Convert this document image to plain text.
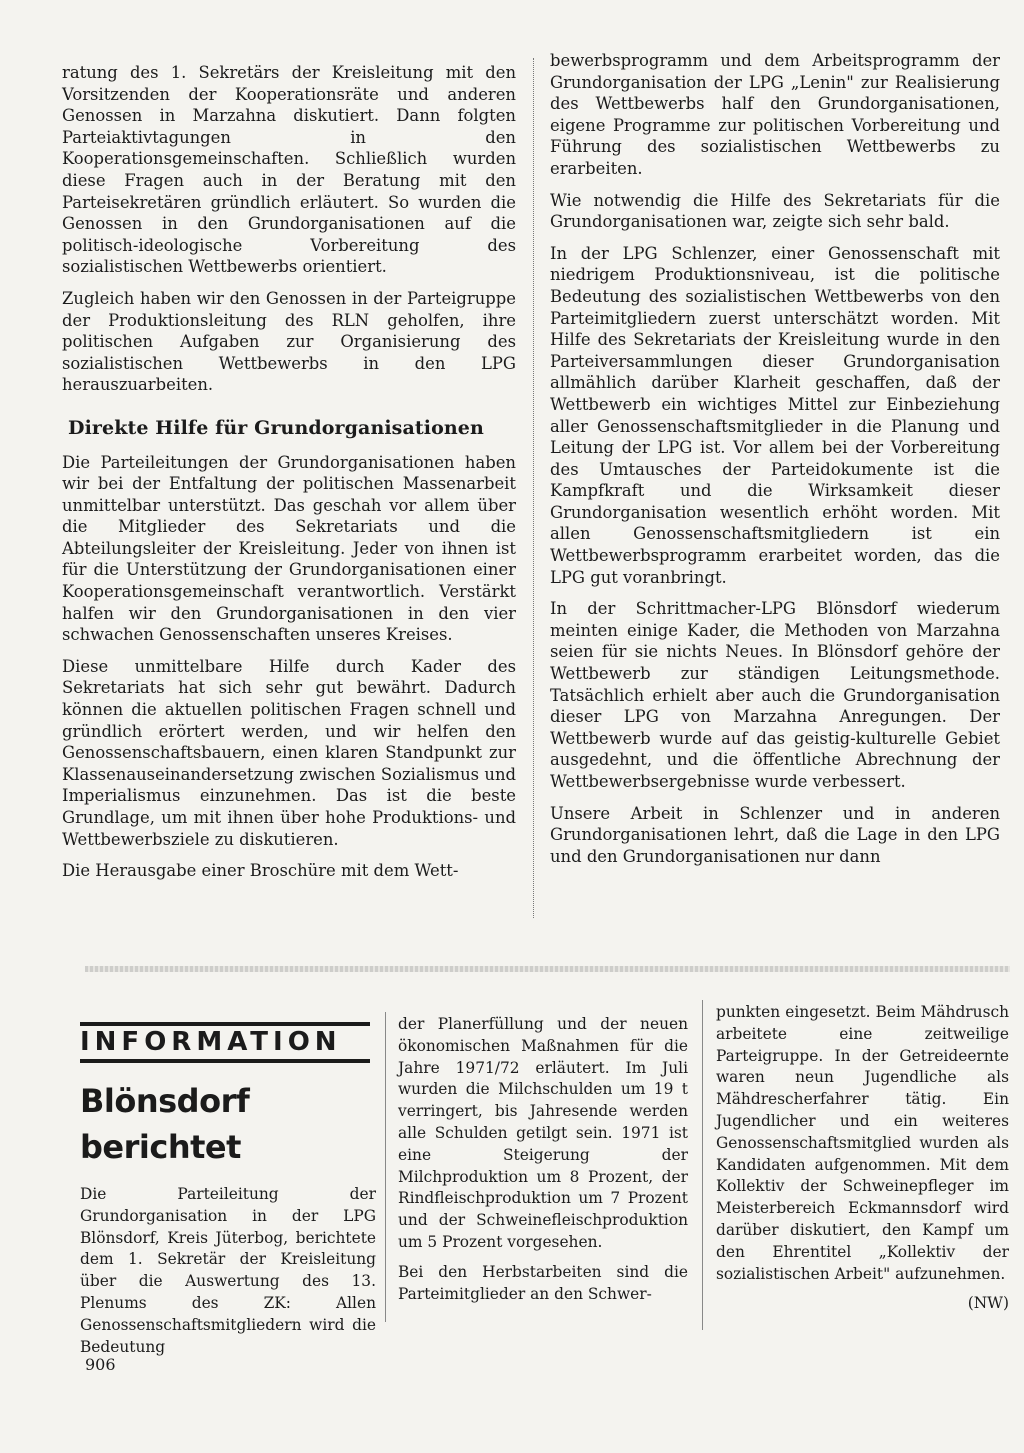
ratung des 1. Sekretärs der Kreisleitung mit den Vorsitzenden der Kooperationsräte und anderen Genossen in Marzahna diskutiert. Dann folgten Parteiaktivtagungen in den Kooperationsgemeinschaften. Schließlich wurden diese Fragen auch in der Beratung mit den Parteisekretären gründlich erläutert. So wurden die Genossen in den Grundorganisationen auf die politisch-ideologische Vorbereitung des sozialistischen Wettbewerbs orientiert.

Zugleich haben wir den Genossen in der Parteigruppe der Produktionsleitung des RLN geholfen, ihre politischen Aufgaben zur Organisierung des sozialistischen Wettbewerbs in den LPG herauszuarbeiten.

Direkte Hilfe für Grundorganisationen

Die Parteileitungen der Grundorganisationen haben wir bei der Entfaltung der politischen Massenarbeit unmittelbar unterstützt. Das geschah vor allem über die Mitglieder des Sekretariats und die Abteilungsleiter der Kreisleitung. Jeder von ihnen ist für die Unterstützung der Grundorganisationen einer Kooperationsgemeinschaft verantwortlich. Verstärkt halfen wir den Grundorganisationen in den vier schwachen Genossenschaften unseres Kreises.

Diese unmittelbare Hilfe durch Kader des Sekretariats hat sich sehr gut bewährt. Dadurch können die aktuellen politischen Fragen schnell und gründlich erörtert werden, und wir helfen den Genossenschaftsbauern, einen klaren Standpunkt zur Klassenauseinandersetzung zwischen Sozialismus und Imperialismus einzunehmen. Das ist die beste Grundlage, um mit ihnen über hohe Produktions- und Wettbewerbsziele zu diskutieren.

Die Herausgabe einer Broschüre mit dem Wett-

bewerbsprogramm und dem Arbeitsprogramm der Grundorganisation der LPG „Lenin" zur Realisierung des Wettbewerbs half den Grundorganisationen, eigene Programme zur politischen Vorbereitung und Führung des sozialistischen Wettbewerbs zu erarbeiten.

Wie notwendig die Hilfe des Sekretariats für die Grundorganisationen war, zeigte sich sehr bald.

In der LPG Schlenzer, einer Genossenschaft mit niedrigem Produktionsniveau, ist die politische Bedeutung des sozialistischen Wettbewerbs von den Parteimitgliedern zuerst unterschätzt worden. Mit Hilfe des Sekretariats der Kreisleitung wurde in den Parteiversammlungen dieser Grundorganisation allmählich darüber Klarheit geschaffen, daß der Wettbewerb ein wichtiges Mittel zur Einbeziehung aller Genossenschaftsmitglieder in die Planung und Leitung der LPG ist. Vor allem bei der Vorbereitung des Umtausches der Parteidokumente ist die Kampfkraft und die Wirksamkeit dieser Grundorganisation wesentlich erhöht worden. Mit allen Genossenschaftsmitgliedern ist ein Wettbewerbsprogramm erarbeitet worden, das die LPG gut voranbringt.

In der Schrittmacher-LPG Blönsdorf wiederum meinten einige Kader, die Methoden von Marzahna seien für sie nichts Neues. In Blönsdorf gehöre der Wettbewerb zur ständigen Leitungsmethode. Tatsächlich erhielt aber auch die Grundorganisation dieser LPG von Marzahna Anregungen. Der Wettbewerb wurde auf das geistig-kulturelle Gebiet ausgedehnt, und die öffentliche Abrechnung der Wettbewerbsergebnisse wurde verbessert.

Unsere Arbeit in Schlenzer und in anderen Grundorganisationen lehrt, daß die Lage in den LPG und den Grundorganisationen nur dann

INFORMATION
Blönsdorf
berichtet

Die Parteileitung der Grundorganisation in der LPG Blönsdorf, Kreis Jüterbog, berichtete dem 1. Sekretär der Kreisleitung über die Auswertung des 13. Plenums des ZK: Allen Genossenschaftsmitgliedern wird die Bedeutung

der Planerfüllung und der neuen ökonomischen Maßnahmen für die Jahre 1971/72 erläutert. Im Juli wurden die Milchschulden um 19 t verringert, bis Jahresende werden alle Schulden getilgt sein. 1971 ist eine Steigerung der Milchproduktion um 8 Prozent, der Rindfleischproduktion um 7 Prozent und der Schweinefleischproduktion um 5 Prozent vorgesehen.

Bei den Herbstarbeiten sind die Parteimitglieder an den Schwer-

punkten eingesetzt. Beim Mähdrusch arbeitete eine zeitweilige Parteigruppe. In der Getreideernte waren neun Jugendliche als Mähdrescherfahrer tätig. Ein Jugendlicher und ein weiteres Genossenschaftsmitglied wurden als Kandidaten aufgenommen. Mit dem Kollektiv der Schweinepfleger im Meisterbereich Eckmannsdorf wird darüber diskutiert, den Kampf um den Ehrentitel „Kollektiv der sozialistischen Arbeit" aufzunehmen.

(NW)

906
